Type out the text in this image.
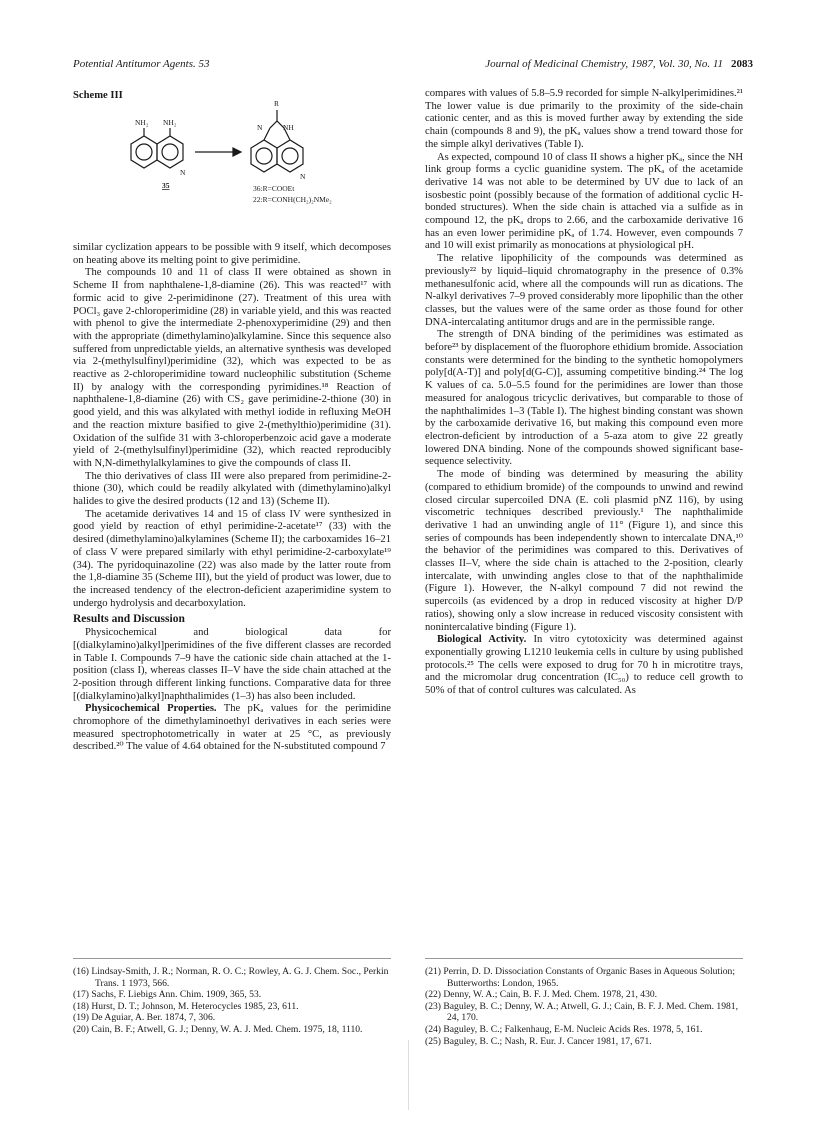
Potential Antitumor Agents. 53	Journal of Medicinal Chemistry, 1987, Vol. 30, No. 11 2083
Scheme III
NH₂ NH₂
N
35
R
N	NH
N
36:R=COOEt
22:R=CONH(CH₂)₂NMe₂

similar cyclization appears to be possible with 9 itself, which decomposes on heating above its melting point to give perimidine.

The compounds 10 and 11 of class II were obtained as shown in Scheme II from naphthalene-1,8-diamine (26). This was reacted¹⁷ with formic acid to give 2-perimidinone (27). Treatment of this urea with POCl₃ gave 2-chloroperimidine (28) in variable yield, and this was reacted with phenol to give the intermediate 2-phenoxyperimidine (29) and then with the appropriate (dimethylamino)alkylamine. Since this sequence also suffered from unpredictable yields, an alternative synthesis was developed via 2-(methylsulfinyl)perimidine (32), which was expected to be as reactive as 2-chloroperimidine toward nucleophilic substitution (Scheme II) by analogy with the corresponding pyrimidines.¹⁸ Reaction of naphthalene-1,8-diamine (26) with CS₂ gave perimidine-2-thione (30) in good yield, and this was alkylated with methyl iodide in refluxing MeOH and the reaction mixture basified to give 2-(methylthio)perimidine (31). Oxidation of the sulfide 31 with 3-chloroperbenzoic acid gave a moderate yield of 2-(methylsulfinyl)perimidine (32), which reacted reproducibly with N,N-dimethylalkylamines to give the compounds of class II.

The thio derivatives of class III were also prepared from perimidine-2-thione (30), which could be readily alkylated with (dimethylamino)alkyl halides to give the desired products (12 and 13) (Scheme II).

The acetamide derivatives 14 and 15 of class IV were synthesized in good yield by reaction of ethyl perimidine-2-acetate¹⁷ (33) with the desired (dimethylamino)alkylamines (Scheme II); the carboxamides 16–21 of class V were prepared similarly with ethyl perimidine-2-carboxylate¹⁹ (34). The pyridoquinazoline (22) was also made by the latter route from the 1,8-diamine 35 (Scheme III), but the yield of product was lower, due to the increased tendency of the electron-deficient azaperimidine system to undergo hydrolysis and decarboxylation.

Results and Discussion

Physicochemical and biological data for [(dialkylamino)alkyl]perimidines of the five different classes are recorded in Table I. Compounds 7–9 have the cationic side chain attached at the 1-position (class I), whereas classes II–V have the side chain attached at the 2-position through different linking functions. Comparative data for three [(dialkylamino)alkyl]naphthalimides (1–3) has also been included.

Physicochemical Properties. The pKₐ values for the perimidine chromophore of the dimethylaminoethyl derivatives in each series were measured spectrophotometrically in water at 25 °C, as previously described.²⁰ The value of 4.64 obtained for the N-substituted compound 7

compares with values of 5.8–5.9 recorded for simple N-alkylperimidines.²¹ The lower value is due primarily to the proximity of the side-chain cationic center, and as this is moved further away by extending the side chain (compounds 8 and 9), the pKₐ values show a trend toward those for the simple alkyl derivatives (Table I).

As expected, compound 10 of class II shows a higher pKₐ, since the NH link group forms a cyclic guanidine system. The pKₐ of the acetamide derivative 14 was not able to be determined by UV due to lack of an isosbestic point (possibly because of the formation of additional cyclic H-bonded structures). When the side chain is attached via a sulfide as in compound 12, the pKₐ drops to 2.66, and the carboxamide derivative 16 has an even lower perimidine pKₐ of 1.74. However, even compounds 7 and 10 will exist primarily as monocations at physiological pH.

The relative lipophilicity of the compounds was determined as previously²² by liquid–liquid chromatography in the presence of 0.3% methanesulfonic acid, where all the compounds will run as dications. The N-alkyl derivatives 7–9 proved considerably more lipophilic than the other classes, but the values were of the same order as those found for other DNA-intercalating antitumor drugs and are in the permissible range.

The strength of DNA binding of the perimidines was estimated as before²³ by displacement of the fluorophore ethidium bromide. Association constants were determined for the binding to the synthetic homopolymers poly[d(A-T)] and poly[d(G-C)], assuming competitive binding.²⁴ The log K values of ca. 5.0–5.5 found for the perimidines are lower than those measured for analogous tricyclic derivatives, but comparable to those of the naphthalimides 1–3 (Table I). The highest binding constant was shown by the carboxamide derivative 16, but making this compound even more electron-deficient by introduction of a 5-aza atom to give 22 greatly lowered DNA binding. None of the compounds showed significant base-sequence selectivity.

The mode of binding was determined by measuring the ability (compared to ethidium bromide) of the compounds to unwind and rewind closed circular supercoiled DNA (E. coli plasmid pNZ 116), by using viscometric techniques described previously.¹ The naphthalimide derivative 1 had an unwinding angle of 11° (Figure 1), and since this series of compounds has been independently shown to intercalate DNA,¹⁰ the behavior of the perimidines was compared to this. Derivatives of classes II–V, where the side chain is attached to the 2-position, clearly intercalate, with unwinding angles close to that of the naphthalimide (Figure 1). However, the N-alkyl compound 7 did not rewind the supercoils (as evidenced by a drop in reduced viscosity at higher D/P ratios), showing only a slow increase in reduced viscosity consistent with nonintercalative binding (Figure 1).

Biological Activity. In vitro cytotoxicity was determined against exponentially growing L1210 leukemia cells in culture by using published protocols.²⁵ The cells were exposed to drug for 70 h in microtitre trays, and the micromolar drug concentration (IC₅₀) to reduce cell growth to 50% of that of control cultures was calculated. As

(16) Lindsay-Smith, J. R.; Norman, R. O. C.; Rowley, A. G. J. Chem. Soc., Perkin Trans. 1 1973, 566.
(17) Sachs, F. Liebigs Ann. Chim. 1909, 365, 53.
(18) Hurst, D. T.; Johnson, M. Heterocycles 1985, 23, 611.
(19) De Aguiar, A. Ber. 1874, 7, 306.
(20) Cain, B. F.; Atwell, G. J.; Denny, W. A. J. Med. Chem. 1975, 18, 1110.
(21) Perrin, D. D. Dissociation Constants of Organic Bases in Aqueous Solution; Butterworths: London, 1965.
(22) Denny, W. A.; Cain, B. F. J. Med. Chem. 1978, 21, 430.
(23) Baguley, B. C.; Denny, W. A.; Atwell, G. J.; Cain, B. F. J. Med. Chem. 1981, 24, 170.
(24) Baguley, B. C.; Falkenhaug, E-M. Nucleic Acids Res. 1978, 5, 161.
(25) Baguley, B. C.; Nash, R. Eur. J. Cancer 1981, 17, 671.
